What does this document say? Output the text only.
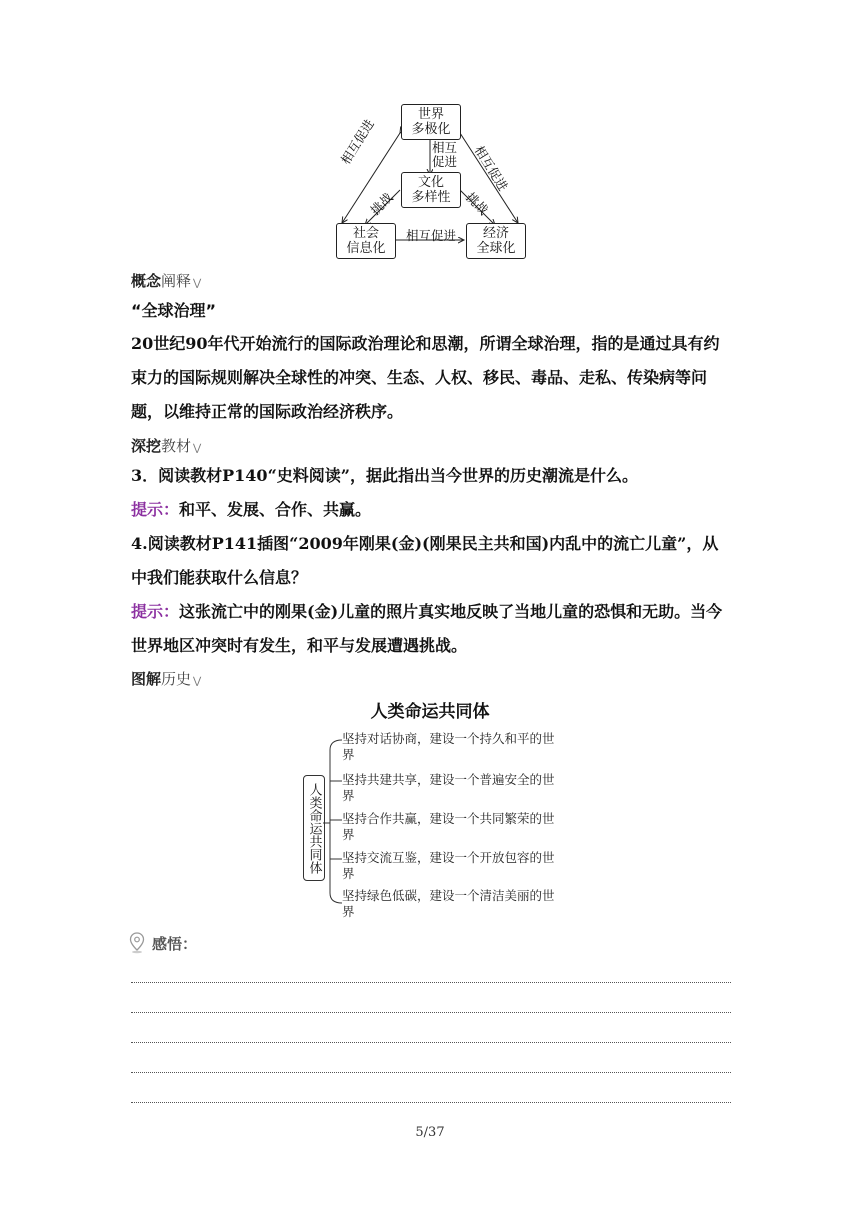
世界
多极化
文化
多样性
社会
信息化
经济
全球化
相互
促进
相互促进
相互促进
相互促进
挑战	挑战
概念阐释 ⋁
“全球治理”
20世纪90年代开始流行的国际政治理论和思潮，所谓全球治理，指的是通过具有约束力的国际规则解决全球性的冲突、生态、人权、移民、毒品、走私、传染病等问题，以维持正常的国际政治经济秩序。
深挖教材 ⋁
3．阅读教材P140“史料阅读”，据此指出当今世界的历史潮流是什么。
提示：和平、发展、合作、共赢。
4.阅读教材P141插图“2009年刚果(金)(刚果民主共和国)内乱中的流亡儿童”，从中我们能获取什么信息？
提示：这张流亡中的刚果(金)儿童的照片真实地反映了当地儿童的恐惧和无助。当今世界地区冲突时有发生，和平与发展遭遇挑战。
图解历史 ⋁
人类命运共同体
人类命运共同体
坚持对话协商，建设一个持久和平的世界
坚持共建共享，建设一个普遍安全的世界
坚持合作共赢，建设一个共同繁荣的世界
坚持交流互鉴，建设一个开放包容的世界
坚持绿色低碳，建设一个清洁美丽的世界
感悟：
5/37
